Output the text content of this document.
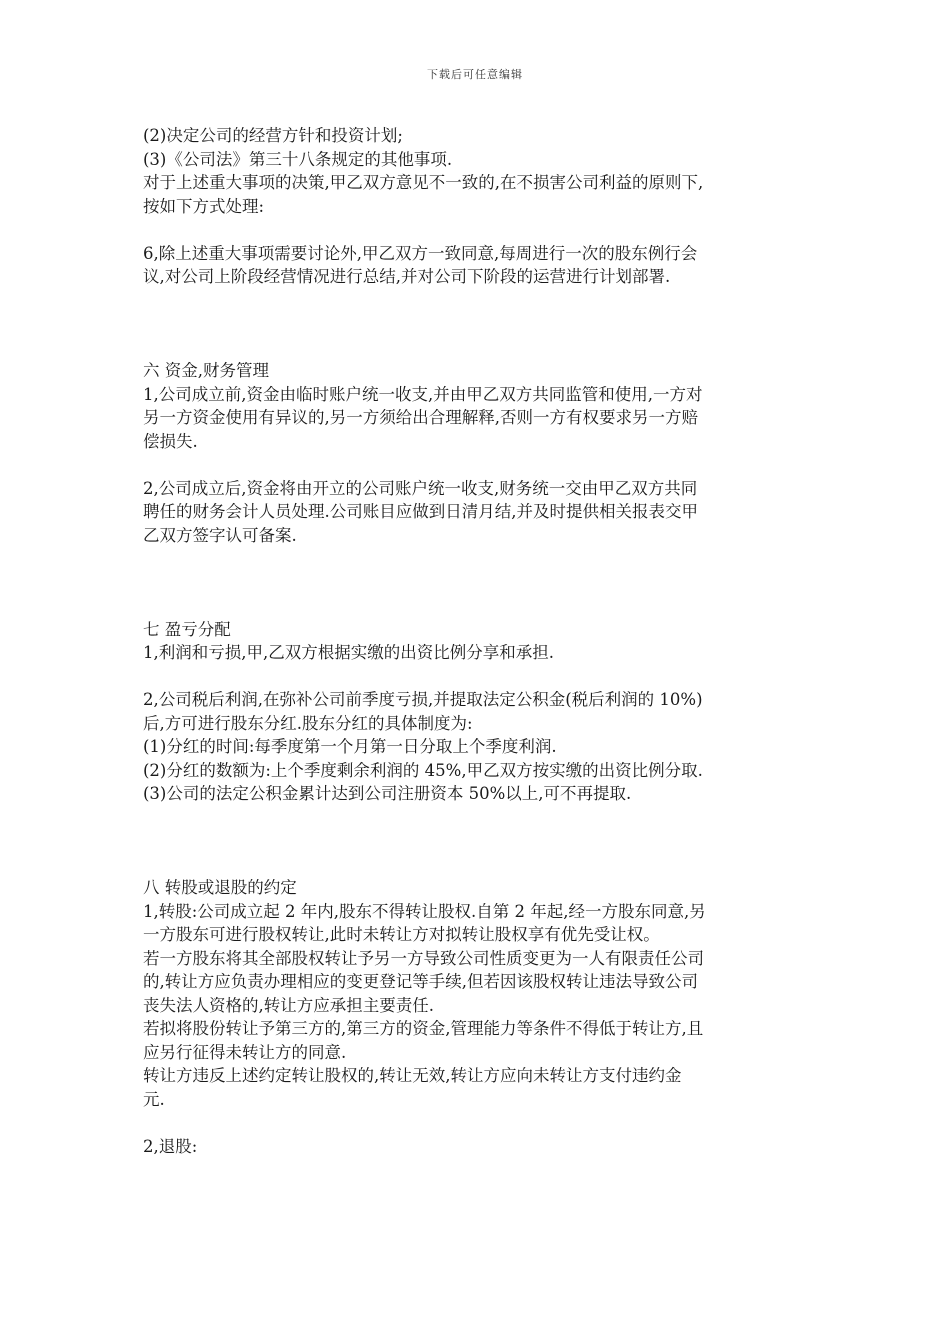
下载后可任意编辑

(2)决定公司的经营方针和投资计划;

(3)《公司法》第三十八条规定的其他事项.

对于上述重大事项的决策,甲乙双方意见不一致的,在不损害公司利益的原则下,

按如下方式处理:

6,除上述重大事项需要讨论外,甲乙双方一致同意,每周进行一次的股东例行会

议,对公司上阶段经营情况进行总结,并对公司下阶段的运营进行计划部署.

六 资金,财务管理

1,公司成立前,资金由临时账户统一收支,并由甲乙双方共同监管和使用,一方对

另一方资金使用有异议的,另一方须给出合理解释,否则一方有权要求另一方赔

偿损失.

2,公司成立后,资金将由开立的公司账户统一收支,财务统一交由甲乙双方共同

聘任的财务会计人员处理.公司账目应做到日清月结,并及时提供相关报表交甲

乙双方签字认可备案.

七 盈亏分配

1,利润和亏损,甲,乙双方根据实缴的出资比例分享和承担.

2,公司税后利润,在弥补公司前季度亏损,并提取法定公积金(税后利润的 10%)

后,方可进行股东分红.股东分红的具体制度为:

(1)分红的时间:每季度第一个月第一日分取上个季度利润.

(2)分红的数额为:上个季度剩余利润的 45%,甲乙双方按实缴的出资比例分取.

(3)公司的法定公积金累计达到公司注册资本 50%以上,可不再提取.

八 转股或退股的约定

1,转股:公司成立起 2 年内,股东不得转让股权.自第 2 年起,经一方股东同意,另

一方股东可进行股权转让,此时未转让方对拟转让股权享有优先受让权。

若一方股东将其全部股权转让予另一方导致公司性质变更为一人有限责任公司

的,转让方应负责办理相应的变更登记等手续,但若因该股权转让违法导致公司

丧失法人资格的,转让方应承担主要责任.

若拟将股份转让予第三方的,第三方的资金,管理能力等条件不得低于转让方,且

应另行征得未转让方的同意.

转让方违反上述约定转让股权的,转让无效,转让方应向未转让方支付违约金

元.

2,退股:
